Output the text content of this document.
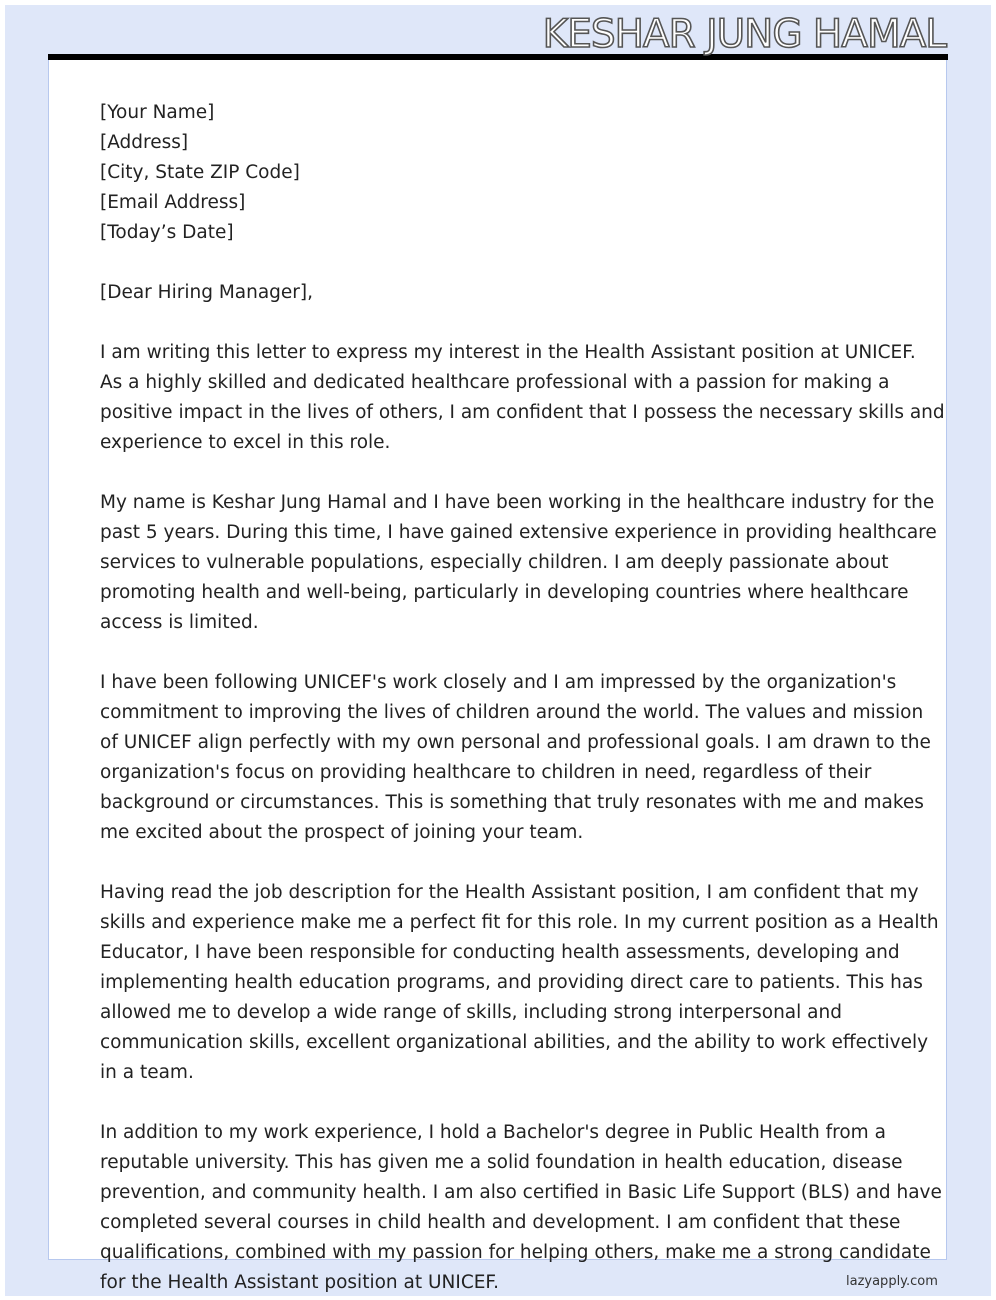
KESHAR JUNG HAMAL
[Your Name]
[Address]
[City, State ZIP Code]
[Email Address]
[Today’s Date]
[Dear Hiring Manager],
I am writing this letter to express my interest in the Health Assistant position at UNICEF.
As a highly skilled and dedicated healthcare professional with a passion for making a
positive impact in the lives of others, I am confident that I possess the necessary skills and
experience to excel in this role.
My name is Keshar Jung Hamal and I have been working in the healthcare industry for the
past 5 years. During this time, I have gained extensive experience in providing healthcare
services to vulnerable populations, especially children. I am deeply passionate about
promoting health and well-being, particularly in developing countries where healthcare
access is limited.
I have been following UNICEF's work closely and I am impressed by the organization's
commitment to improving the lives of children around the world. The values and mission
of UNICEF align perfectly with my own personal and professional goals. I am drawn to the
organization's focus on providing healthcare to children in need, regardless of their
background or circumstances. This is something that truly resonates with me and makes
me excited about the prospect of joining your team.
Having read the job description for the Health Assistant position, I am confident that my
skills and experience make me a perfect fit for this role. In my current position as a Health
Educator, I have been responsible for conducting health assessments, developing and
implementing health education programs, and providing direct care to patients. This has
allowed me to develop a wide range of skills, including strong interpersonal and
communication skills, excellent organizational abilities, and the ability to work effectively
in a team.
In addition to my work experience, I hold a Bachelor's degree in Public Health from a
reputable university. This has given me a solid foundation in health education, disease
prevention, and community health. I am also certified in Basic Life Support (BLS) and have
completed several courses in child health and development. I am confident that these
qualifications, combined with my passion for helping others, make me a strong candidate
for the Health Assistant position at UNICEF.	lazyapply.com
